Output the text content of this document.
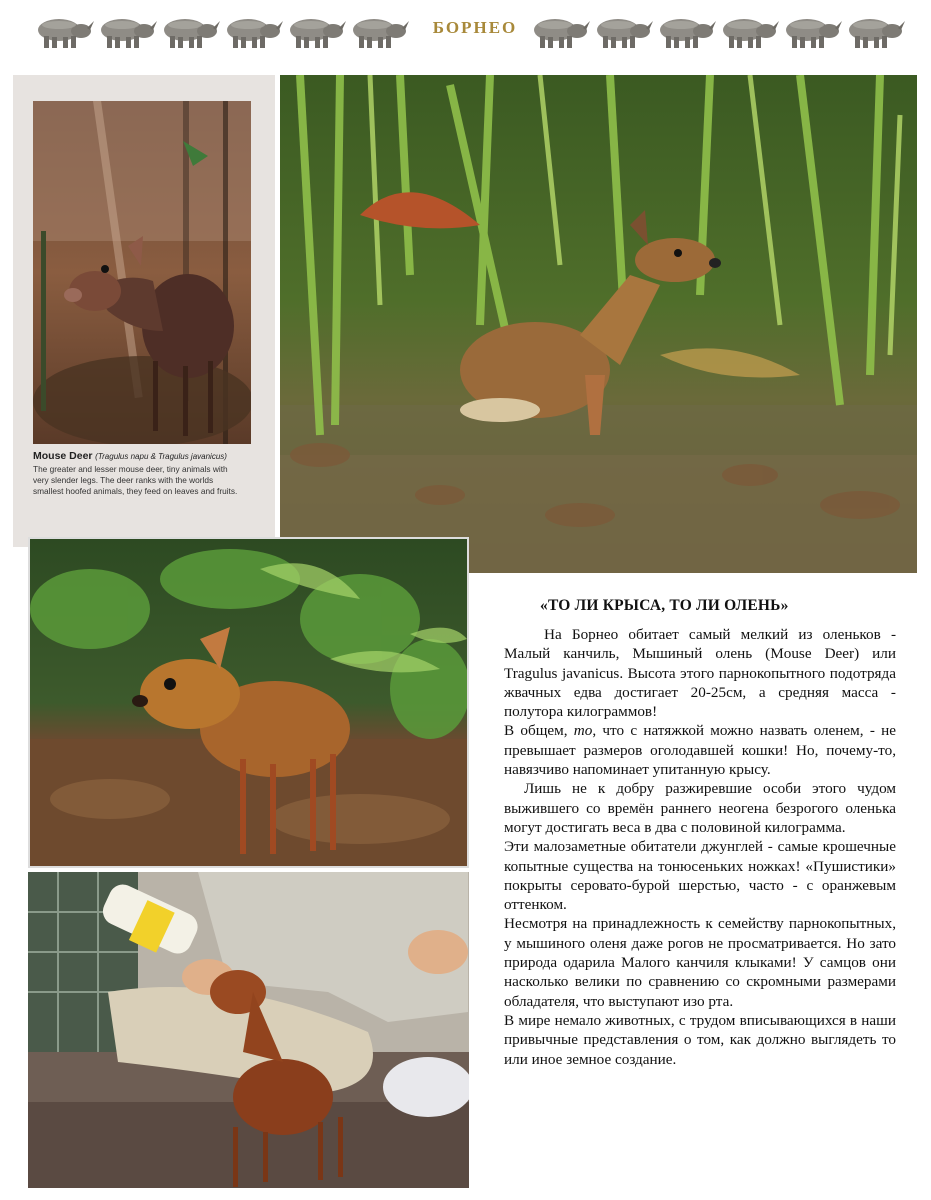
БОРНЕО
Mouse Deer (Tragulus napu & Tragulus javanicus)
The greater and lesser mouse deer, tiny animals with
very slender legs. The deer ranks with the worlds
smallest hoofed animals, they feed on leaves and fruits.
«ТО ЛИ КРЫСА, ТО ЛИ ОЛЕНЬ»

На Борнео обитает самый мелкий из оленьков - Малый канчиль, Мышиный олень (Mouse Deer) или Tragulus javanicus. Высота этого парнокопытного подотряда жвачных едва достигает 20-25см, а средняя масса - полутора килограммов!

В общем, то, что с натяжкой можно назвать оленем, - не превышает размеров оголодавшей кошки! Но, почему-то, навязчиво напоминает упитанную крысу.

Лишь не к добру разжиревшие особи этого чудом выжившего со времён раннего неогена безрогого оленька могут достигать веса в два с половиной килограмма.

Эти малозаметные обитатели джунглей - самые крошечные копытные существа на тонюсеньких ножках! «Пушистики» покрыты серовато-бурой шерстью, часто - с оранжевым оттенком.

Несмотря на принадлежность к семейству парнокопытных, у мышиного оленя даже рогов не просматривается. Но зато природа одарила Малого канчиля клыками! У самцов они насколько велики по сравнению со скромными размерами обладателя, что выступают изо рта.

В мире немало животных, с трудом вписывающихся в наши привычные представления о том, как должно выглядеть то или иное земное создание.
